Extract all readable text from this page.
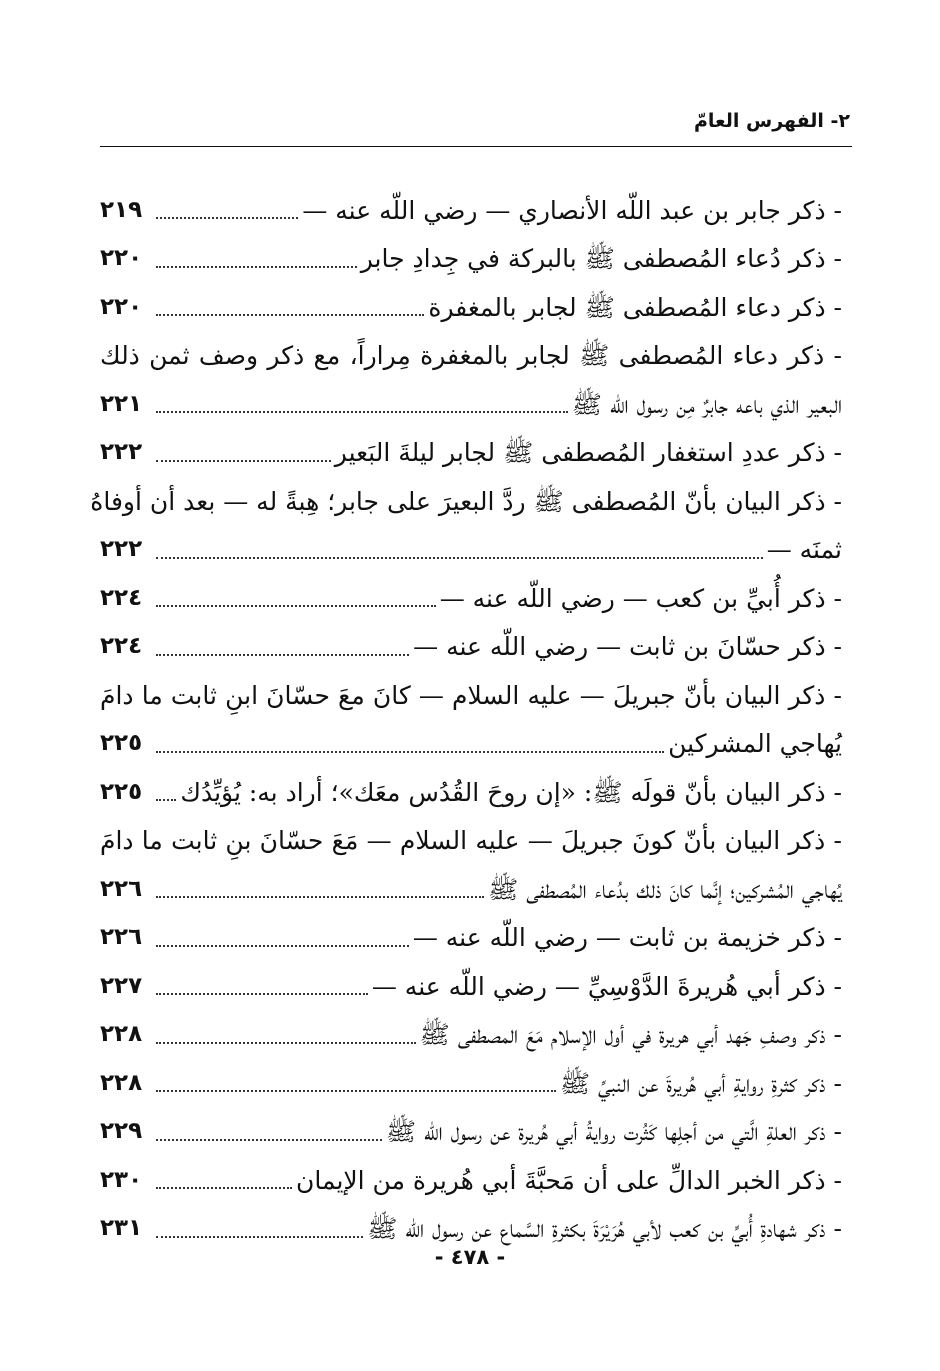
٢- الفهرس العامّ
- ذكر جابر بن عبد اللّه الأنصاري — رضي اللّه عنه —
٢١٩
- ذكر دُعاء المُصطفى ﷺ بالبركة في جِدادِ جابر
٢٢٠
- ذكر دعاء المُصطفى ﷺ لجابر بالمغفرة
٢٢٠
- ذكر دعاء المُصطفى ﷺ لجابر بالمغفرة مِراراً، مع ذكر وصف ثمن ذلك
البعير الذي باعه جابرٌ مِن رسول اللّه ﷺ
٢٢١
- ذكر عددِ استغفار المُصطفى ﷺ لجابر ليلةَ البَعير
٢٢٢
- ذكر البيان بأنّ المُصطفى ﷺ ردَّ البعيرَ على جابر؛ هِبةً له — بعد أن أوفاهُ
ثمنَه —
٢٢٢
- ذكر أُبيِّ بن كعب — رضي اللّه عنه —
٢٢٤
- ذكر حسّانَ بن ثابت — رضي اللّه عنه —
٢٢٤
- ذكر البيان بأنّ جبريلَ — عليه السلام — كانَ معَ حسّانَ ابنِ ثابت ما دامَ
يُهاجي المشركين
٢٢٥
- ذكر البيان بأنّ قولَه ﷺ: «إن روحَ القُدُس معَك»؛ أراد به: يُؤيِّدُك
٢٢٥
- ذكر البيان بأنّ كونَ جبريلَ — عليه السلام — مَعَ حسّانَ بنِ ثابت ما دامَ
يُهاجي المُشركين؛ إنَّما كانَ ذلك بدُعاء المُصطفى ﷺ
٢٢٦
- ذكر خزيمة بن ثابت — رضي اللّه عنه —
٢٢٦
- ذكر أبي هُريرةَ الدَّوْسِيِّ — رضي اللّه عنه —
٢٢٧
- ذكر وصفِ جَهد أبي هريرة في أول الإسلام مَعَ المصطفى ﷺ
٢٢٨
- ذكر كثرةِ روايةِ أبي هُريرةَ عن النبيِّ ﷺ
٢٢٨
- ذكر العلةِ الَّتي من أجلِها كَثُرت روايةُ أبي هُريرة عن رسول اللّه ﷺ
٢٢٩
- ذكر الخبر الدالِّ على أن مَحبَّةَ أبي هُريرة من الإيمان
٢٣٠
- ذكر شهادةِ أُبيِّ بن كعب لأبي هُرَيْرَةَ بكثرةِ السَّماع عن رسول اللّه ﷺ
٢٣١
- ٤٧٨ -
